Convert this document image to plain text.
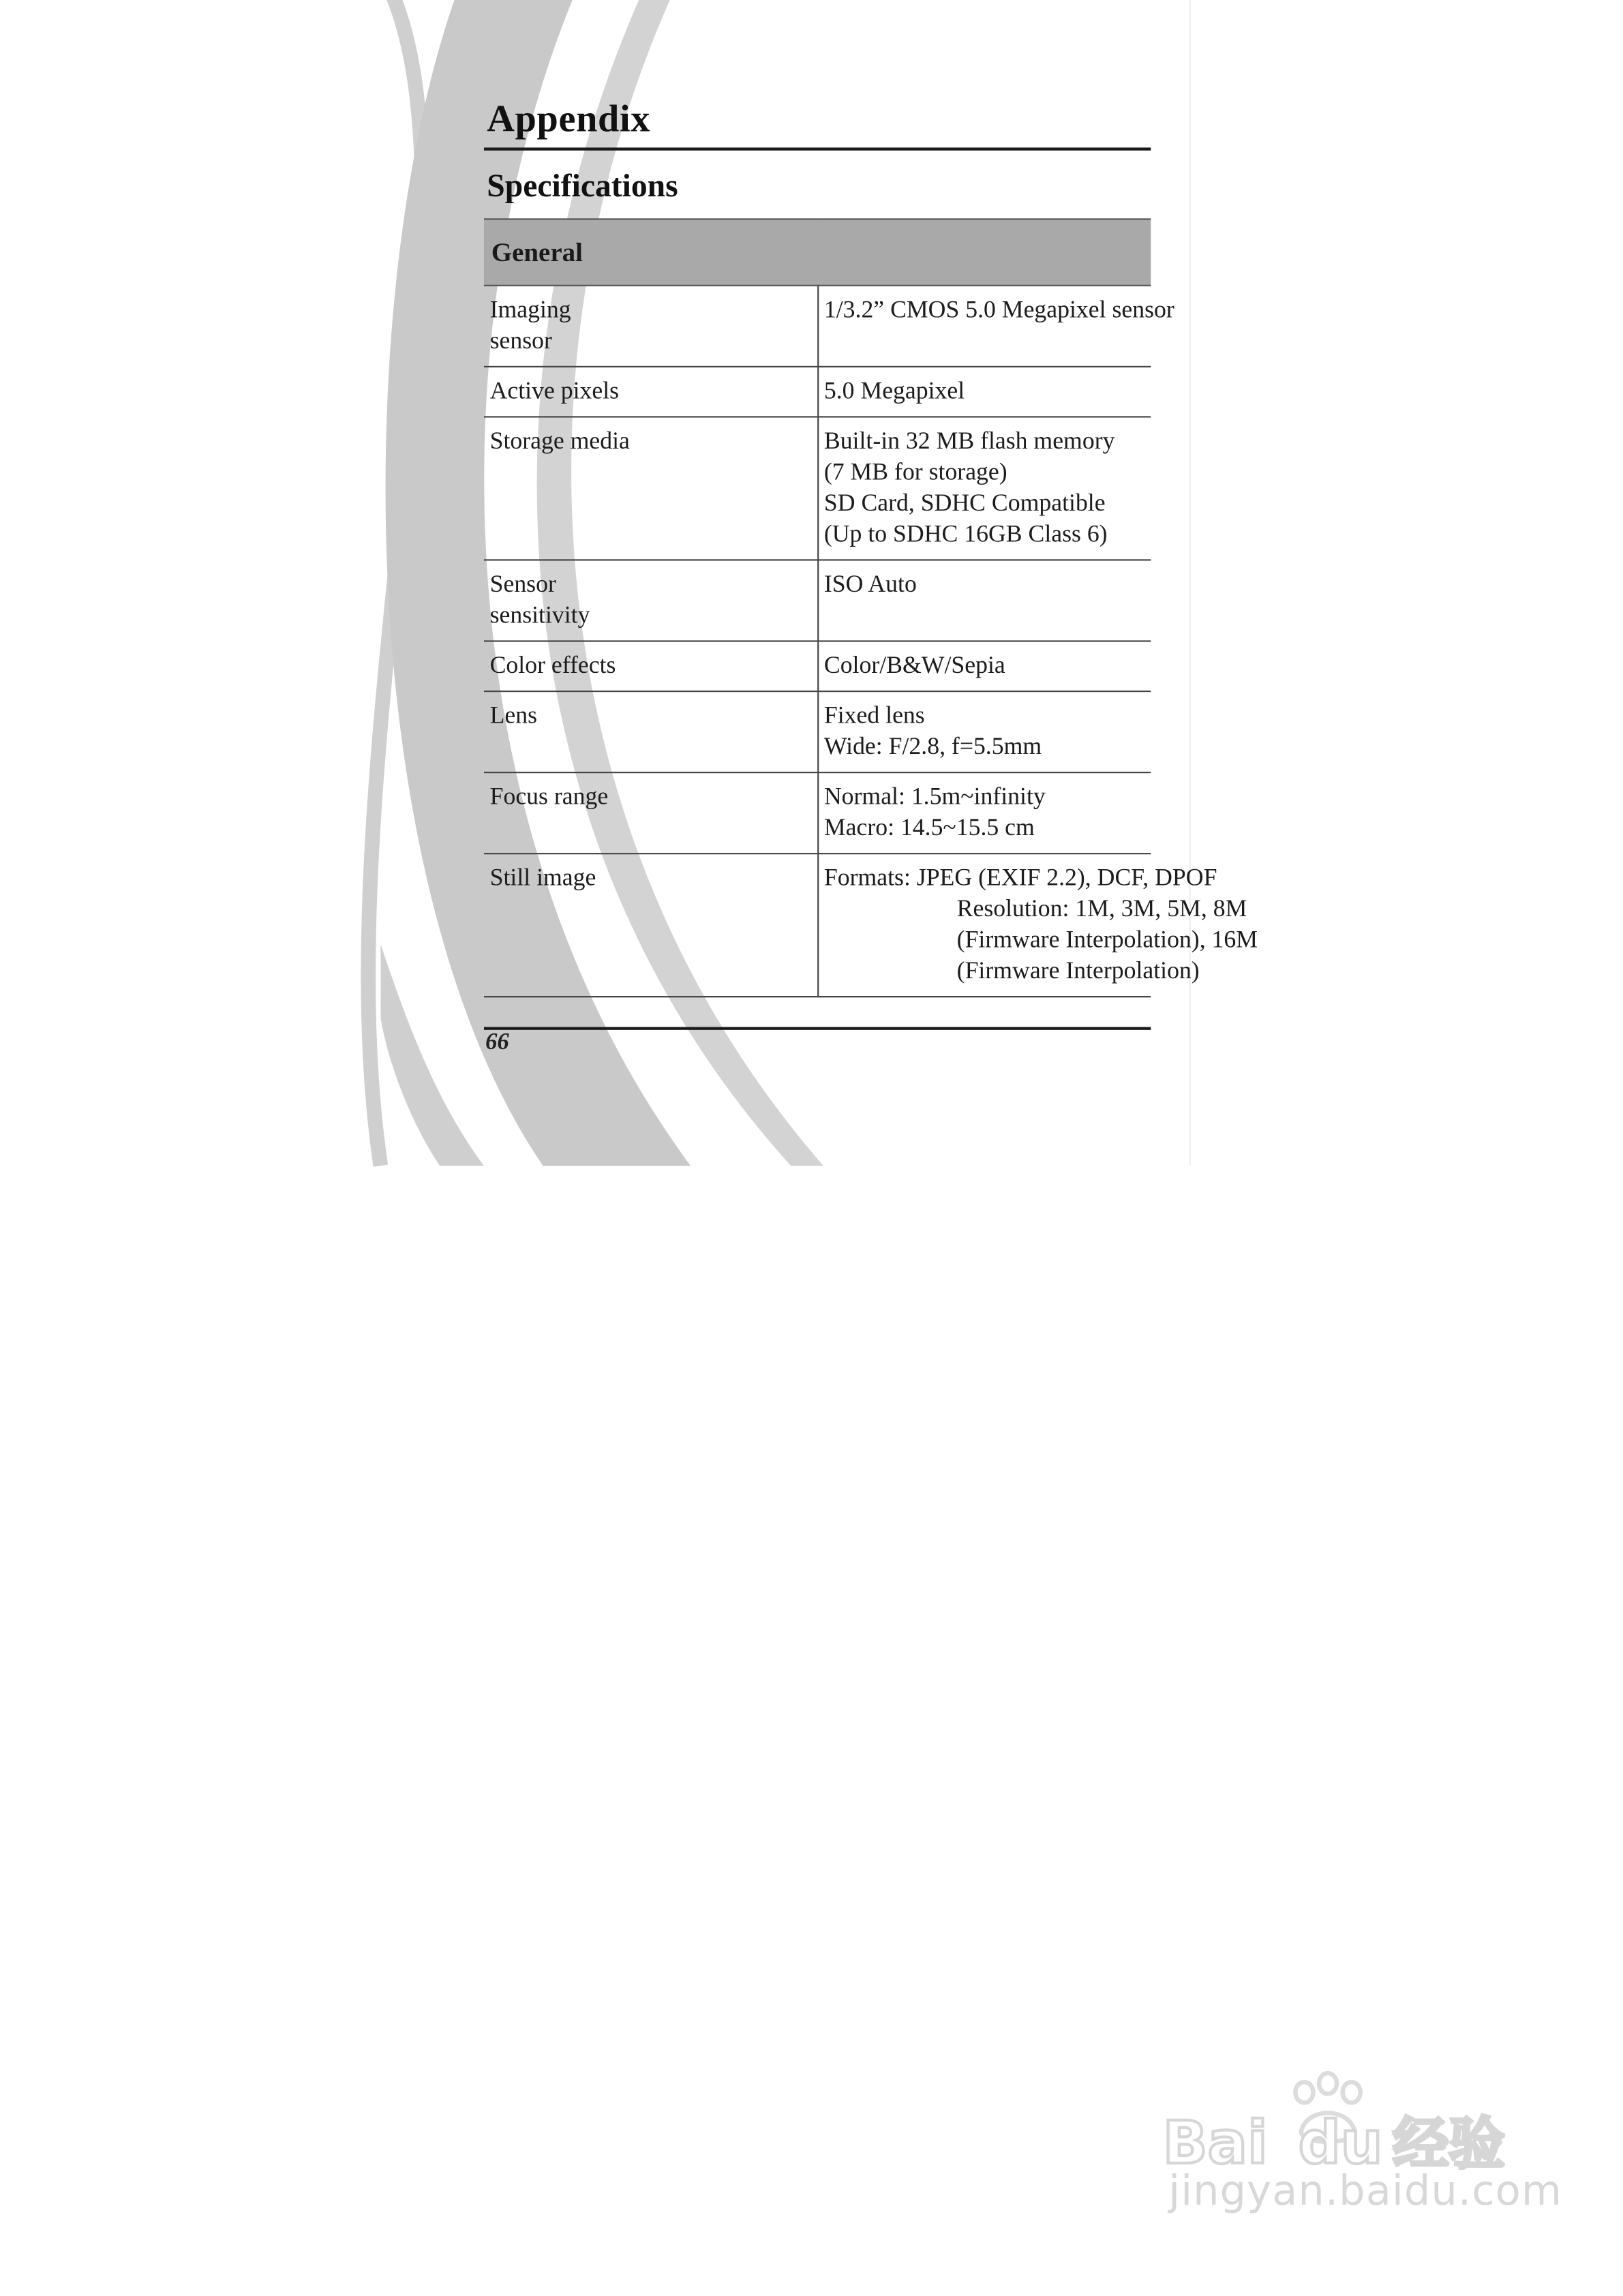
Appendix
Specifications
General	

Imaging
sensor	1/3.2” CMOS 5.0 Megapixel sensor

Active pixels	5.0 Megapixel

Storage media	Built-in 32 MB flash memory
(7 MB for storage)
SD Card, SDHC Compatible
(Up to SDHC 16GB Class 6)

Sensor
sensitivity	ISO Auto

Color effects	Color/B&W/Sepia

Lens	Fixed lens
Wide: F/2.8, f=5.5mm

Focus range	Normal: 1.5m~infinity
Macro: 14.5~15.5 cm

Still image	Formats: JPEG (EXIF 2.2), DCF, DPOF
Resolution: 1M, 3M, 5M, 8M
(Firmware Interpolation), 16M
(Firmware Interpolation)
66
Bai du 经验
jingyan.baidu.com
